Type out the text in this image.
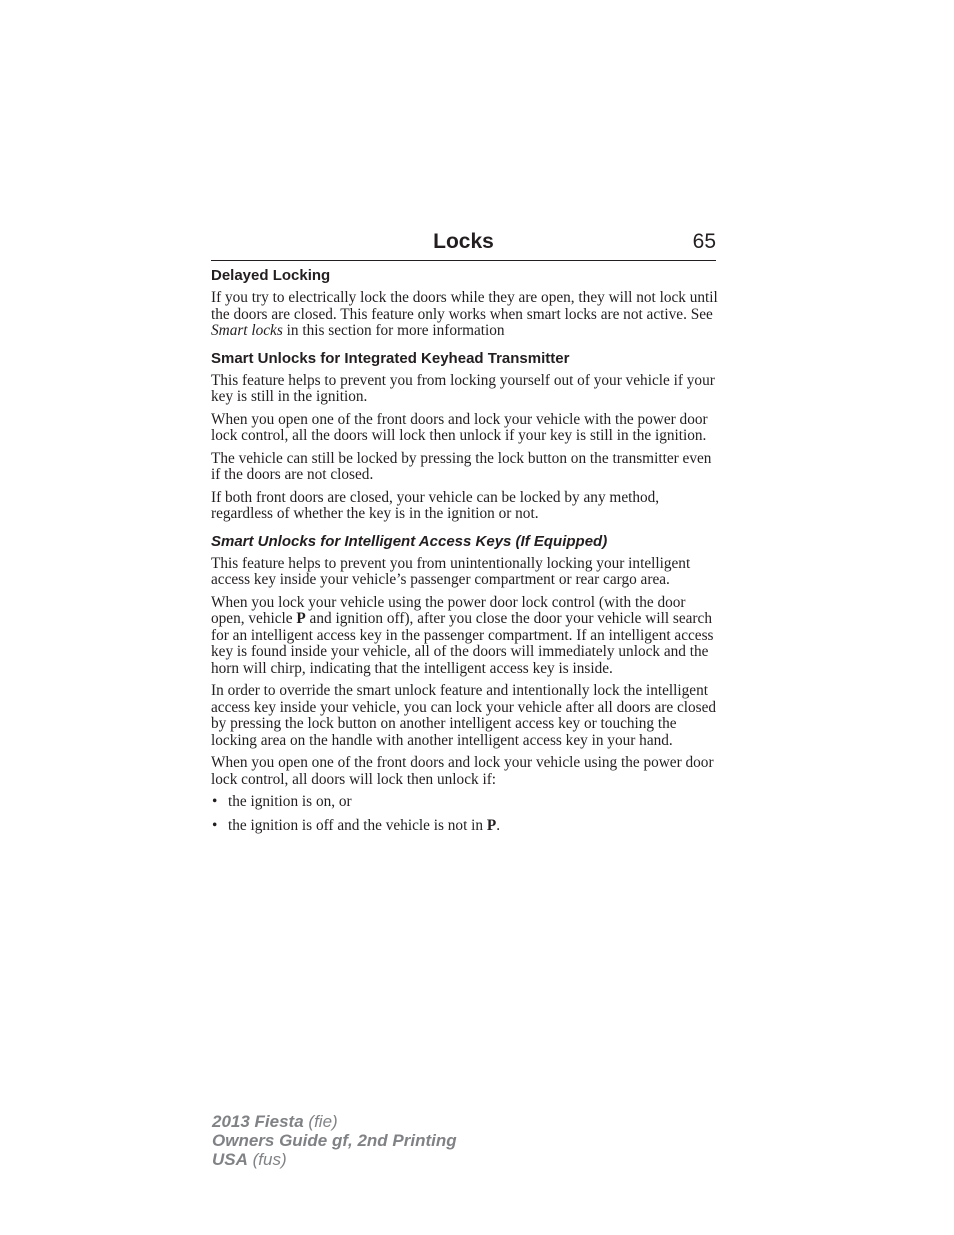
Locks	65
Delayed Locking

If you try to electrically lock the doors while they are open, they will not lock until the doors are closed. This feature only works when smart locks are not active. See Smart locks in this section for more information

Smart Unlocks for Integrated Keyhead Transmitter

This feature helps to prevent you from locking yourself out of your vehicle if your key is still in the ignition.

When you open one of the front doors and lock your vehicle with the power door lock control, all the doors will lock then unlock if your key is still in the ignition.

The vehicle can still be locked by pressing the lock button on the transmitter even if the doors are not closed.

If both front doors are closed, your vehicle can be locked by any method, regardless of whether the key is in the ignition or not.

Smart Unlocks for Intelligent Access Keys (If Equipped)

This feature helps to prevent you from unintentionally locking your intelligent access key inside your vehicle’s passenger compartment or rear cargo area.

When you lock your vehicle using the power door lock control (with the door open, vehicle P and ignition off), after you close the door your vehicle will search for an intelligent access key in the passenger compartment. If an intelligent access key is found inside your vehicle, all of the doors will immediately unlock and the horn will chirp, indicating that the intelligent access key is inside.

In order to override the smart unlock feature and intentionally lock the intelligent access key inside your vehicle, you can lock your vehicle after all doors are closed by pressing the lock button on another intelligent access key or touching the locking area on the handle with another intelligent access key in your hand.

When you open one of the front doors and lock your vehicle using the power door lock control, all doors will lock then unlock if:

• the ignition is on, or
• the ignition is off and the vehicle is not in P.
2013 Fiesta (fie)
Owners Guide gf, 2nd Printing
USA (fus)
